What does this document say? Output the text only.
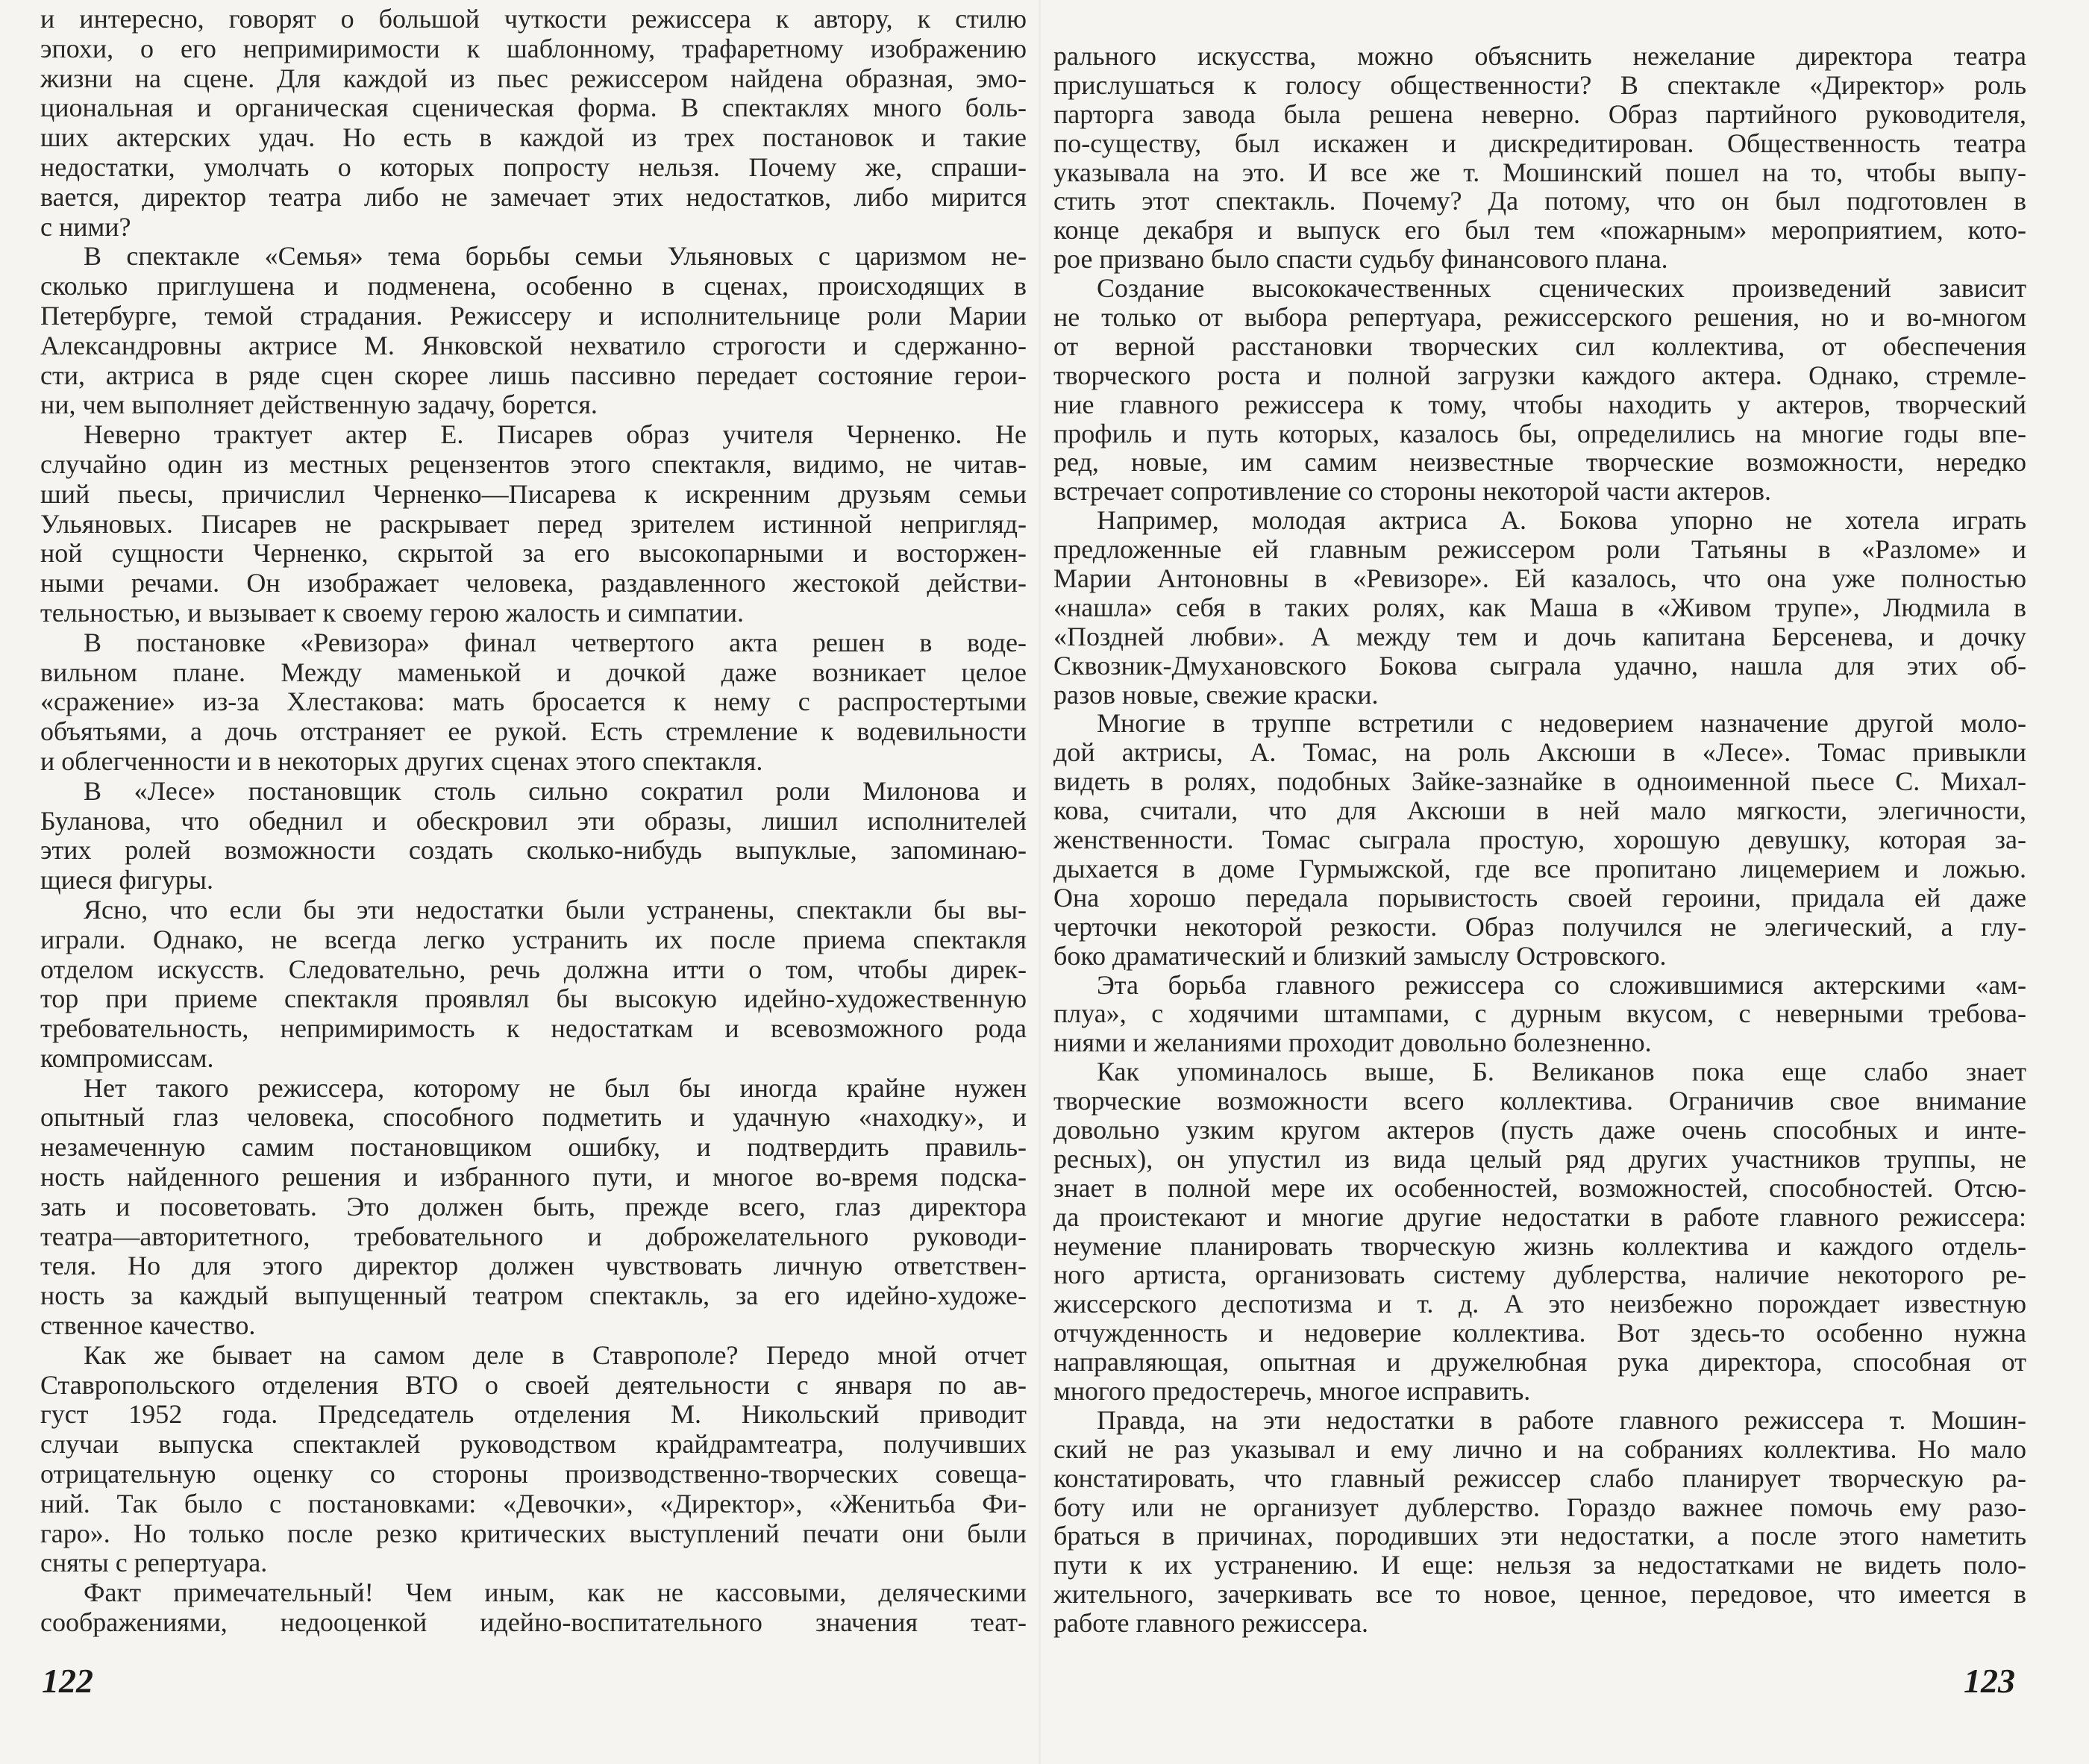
и интересно, говорят о большой чуткости режиссера к автору, к стилю
эпохи, о его непримиримости к шаблонному, трафаретному изображению
жизни на сцене. Для каждой из пьес режиссером найдена образная, эмо-
циональная и органическая сценическая форма. В спектаклях много боль-
ших актерских удач. Но есть в каждой из трех постановок и такие
недостатки, умолчать о которых попросту нельзя. Почему же, спраши-
вается, директор театра либо не замечает этих недостатков, либо мирится
с ними?
В спектакле «Семья» тема борьбы семьи Ульяновых с царизмом не-
сколько приглушена и подменена, особенно в сценах, происходящих в
Петербурге, темой страдания. Режиссеру и исполнительнице роли Марии
Александровны актрисе М. Янковской нехватило строгости и сдержанно-
сти, актриса в ряде сцен скорее лишь пассивно передает состояние герои-
ни, чем выполняет действенную задачу, борется.
Неверно трактует актер Е. Писарев образ учителя Черненко. Не
случайно один из местных рецензентов этого спектакля, видимо, не читав-
ший пьесы, причислил Черненко—Писарева к искренним друзьям семьи
Ульяновых. Писарев не раскрывает перед зрителем истинной непригляд-
ной сущности Черненко, скрытой за его высокопарными и восторжен-
ными речами. Он изображает человека, раздавленного жестокой действи-
тельностью, и вызывает к своему герою жалость и симпатии.
В постановке «Ревизора» финал четвертого акта решен в воде-
вильном плане. Между маменькой и дочкой даже возникает целое
«сражение» из-за Хлестакова: мать бросается к нему с распростертыми
объятьями, а дочь отстраняет ее рукой. Есть стремление к водевильности
и облегченности и в некоторых других сценах этого спектакля.
В «Лесе» постановщик столь сильно сократил роли Милонова и
Буланова, что обеднил и обескровил эти образы, лишил исполнителей
этих ролей возможности создать сколько-нибудь выпуклые, запоминаю-
щиеся фигуры.
Ясно, что если бы эти недостатки были устранены, спектакли бы вы-
играли. Однако, не всегда легко устранить их после приема спектакля
отделом искусств. Следовательно, речь должна итти о том, чтобы дирек-
тор при приеме спектакля проявлял бы высокую идейно-художественную
требовательность, непримиримость к недостаткам и всевозможного рода
компромиссам.
Нет такого режиссера, которому не был бы иногда крайне нужен
опытный глаз человека, способного подметить и удачную «находку», и
незамеченную самим постановщиком ошибку, и подтвердить правиль-
ность найденного решения и избранного пути, и многое во-время подска-
зать и посоветовать. Это должен быть, прежде всего, глаз директора
театра—авторитетного, требовательного и доброжелательного руководи-
теля. Но для этого директор должен чувствовать личную ответствен-
ность за каждый выпущенный театром спектакль, за его идейно-художе-
ственное качество.
Как же бывает на самом деле в Ставрополе? Передо мной отчет
Ставропольского отделения ВТО о своей деятельности с января по ав-
густ 1952 года. Председатель отделения М. Никольский приводит
случаи выпуска спектаклей руководством крайдрамтеатра, получивших
отрицательную оценку со стороны производственно-творческих совеща-
ний. Так было с постановками: «Девочки», «Директор», «Женитьба Фи-
гаро». Но только после резко критических выступлений печати они были
сняты с репертуара.
Факт примечательный! Чем иным, как не кассовыми, деляческими
соображениями, недооценкой идейно-воспитательного значения теат-
рального искусства, можно объяснить нежелание директора театра
прислушаться к голосу общественности? В спектакле «Директор» роль
парторга завода была решена неверно. Образ партийного руководителя,
по-существу, был искажен и дискредитирован. Общественность театра
указывала на это. И все же т. Мошинский пошел на то, чтобы выпу-
стить этот спектакль. Почему? Да потому, что он был подготовлен в
конце декабря и выпуск его был тем «пожарным» мероприятием, кото-
рое призвано было спасти судьбу финансового плана.
Создание высококачественных сценических произведений зависит
не только от выбора репертуара, режиссерского решения, но и во-многом
от верной расстановки творческих сил коллектива, от обеспечения
творческого роста и полной загрузки каждого актера. Однако, стремле-
ние главного режиссера к тому, чтобы находить у актеров, творческий
профиль и путь которых, казалось бы, определились на многие годы впе-
ред, новые, им самим неизвестные творческие возможности, нередко
встречает сопротивление со стороны некоторой части актеров.
Например, молодая актриса А. Бокова упорно не хотела играть
предложенные ей главным режиссером роли Татьяны в «Разломе» и
Марии Антоновны в «Ревизоре». Ей казалось, что она уже полностью
«нашла» себя в таких ролях, как Маша в «Живом трупе», Людмила в
«Поздней любви». А между тем и дочь капитана Берсенева, и дочку
Сквозник-Дмухановского Бокова сыграла удачно, нашла для этих об-
разов новые, свежие краски.
Многие в труппе встретили с недоверием назначение другой моло-
дой актрисы, А. Томас, на роль Аксюши в «Лесе». Томас привыкли
видеть в ролях, подобных Зайке-зазнайке в одноименной пьесе С. Михал-
кова, считали, что для Аксюши в ней мало мягкости, элегичности,
женственности. Томас сыграла простую, хорошую девушку, которая за-
дыхается в доме Гурмыжской, где все пропитано лицемерием и ложью.
Она хорошо передала порывистость своей героини, придала ей даже
черточки некоторой резкости. Образ получился не элегический, а глу-
боко драматический и близкий замыслу Островского.
Эта борьба главного режиссера со сложившимися актерскими «ам-
плуа», с ходячими штампами, с дурным вкусом, с неверными требова-
ниями и желаниями проходит довольно болезненно.
Как упоминалось выше, Б. Великанов пока еще слабо знает
творческие возможности всего коллектива. Ограничив свое внимание
довольно узким кругом актеров (пусть даже очень способных и инте-
ресных), он упустил из вида целый ряд других участников труппы, не
знает в полной мере их особенностей, возможностей, способностей. Отсю-
да проистекают и многие другие недостатки в работе главного режиссера:
неумение планировать творческую жизнь коллектива и каждого отдель-
ного артиста, организовать систему дублерства, наличие некоторого ре-
жиссерского деспотизма и т. д. А это неизбежно порождает известную
отчужденность и недоверие коллектива. Вот здесь-то особенно нужна
направляющая, опытная и дружелюбная рука директора, способная от
многого предостеречь, многое исправить.
Правда, на эти недостатки в работе главного режиссера т. Мошин-
ский не раз указывал и ему лично и на собраниях коллектива. Но мало
констатировать, что главный режиссер слабо планирует творческую ра-
боту или не организует дублерство. Гораздо важнее помочь ему разо-
браться в причинах, породивших эти недостатки, а после этого наметить
пути к их устранению. И еще: нельзя за недостатками не видеть поло-
жительного, зачеркивать все то новое, ценное, передовое, что имеется в
работе главного режиссера.
122	123
